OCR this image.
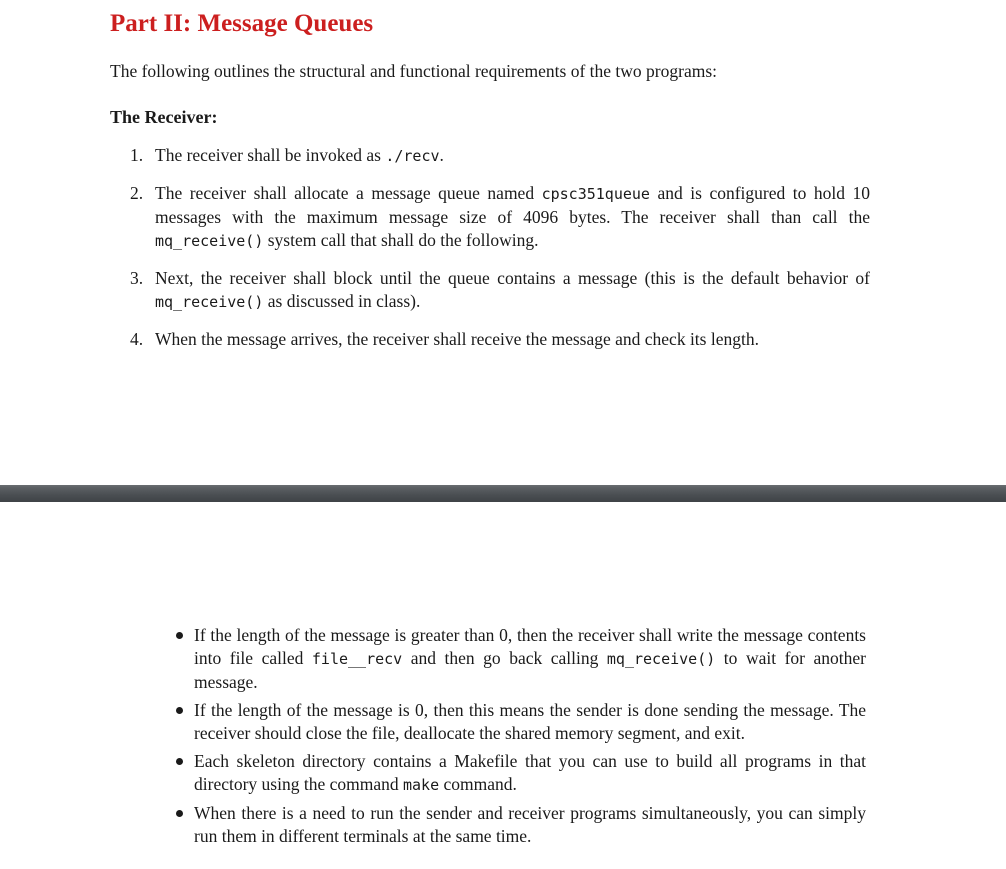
Part II: Message Queues

The following outlines the structural and functional requirements of the two programs:

The Receiver:

1. The receiver shall be invoked as ./recv.
2. The receiver shall allocate a message queue named cpsc351queue and is configured to hold 10 messages with the maximum message size of 4096 bytes. The receiver shall than call the mq_receive() system call that shall do the following.
3. Next, the receiver shall block until the queue contains a message (this is the default behavior of mq_receive() as discussed in class).
4. When the message arrives, the receiver shall receive the message and check its length.
If the length of the message is greater than 0, then the receiver shall write the message contents into file called file__recv and then go back calling mq_receive() to wait for another message.
If the length of the message is 0, then this means the sender is done sending the message. The receiver should close the file, deallocate the shared memory segment, and exit.
Each skeleton directory contains a Makefile that you can use to build all programs in that directory using the command make command.
When there is a need to run the sender and receiver programs simultaneously, you can simply run them in different terminals at the same time.
